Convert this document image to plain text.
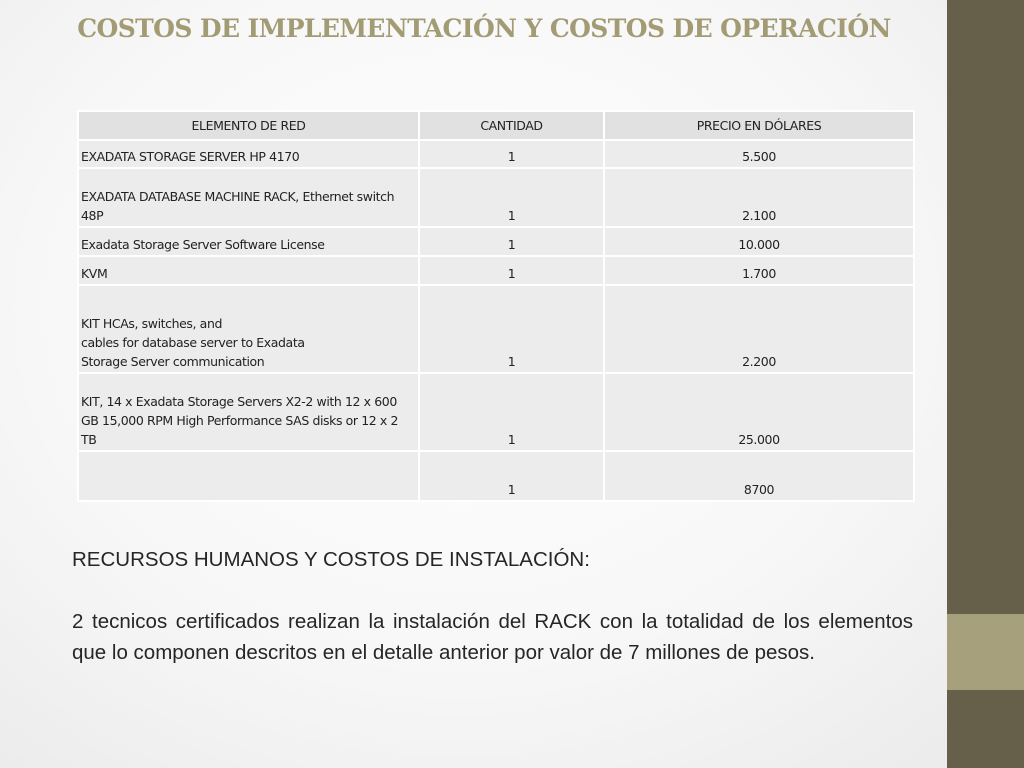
COSTOS DE IMPLEMENTACIÓN Y COSTOS DE OPERACIÓN
ELEMENTO DE RED	CANTIDAD	PRECIO EN DÓLARES
EXADATA STORAGE SERVER HP 4170	1	5.500
EXADATA DATABASE MACHINE RACK, Ethernet switch 48P	1	2.100
Exadata Storage Server Software License	1	10.000
KVM	1	1.700
KIT HCAs, switches, and
cables for database server to Exadata
Storage Server communication	1	2.200
KIT, 14 x Exadata Storage Servers X2-2 with 12 x 600 GB 15,000 RPM High Performance SAS disks or 12 x 2 TB	1	25.000
	1	8700

RECURSOS HUMANOS Y COSTOS DE INSTALACIÓN:

2 tecnicos certificados realizan la instalación del RACK con la totalidad de los elementos que lo componen descritos en el detalle anterior por valor de 7 millones de pesos.
